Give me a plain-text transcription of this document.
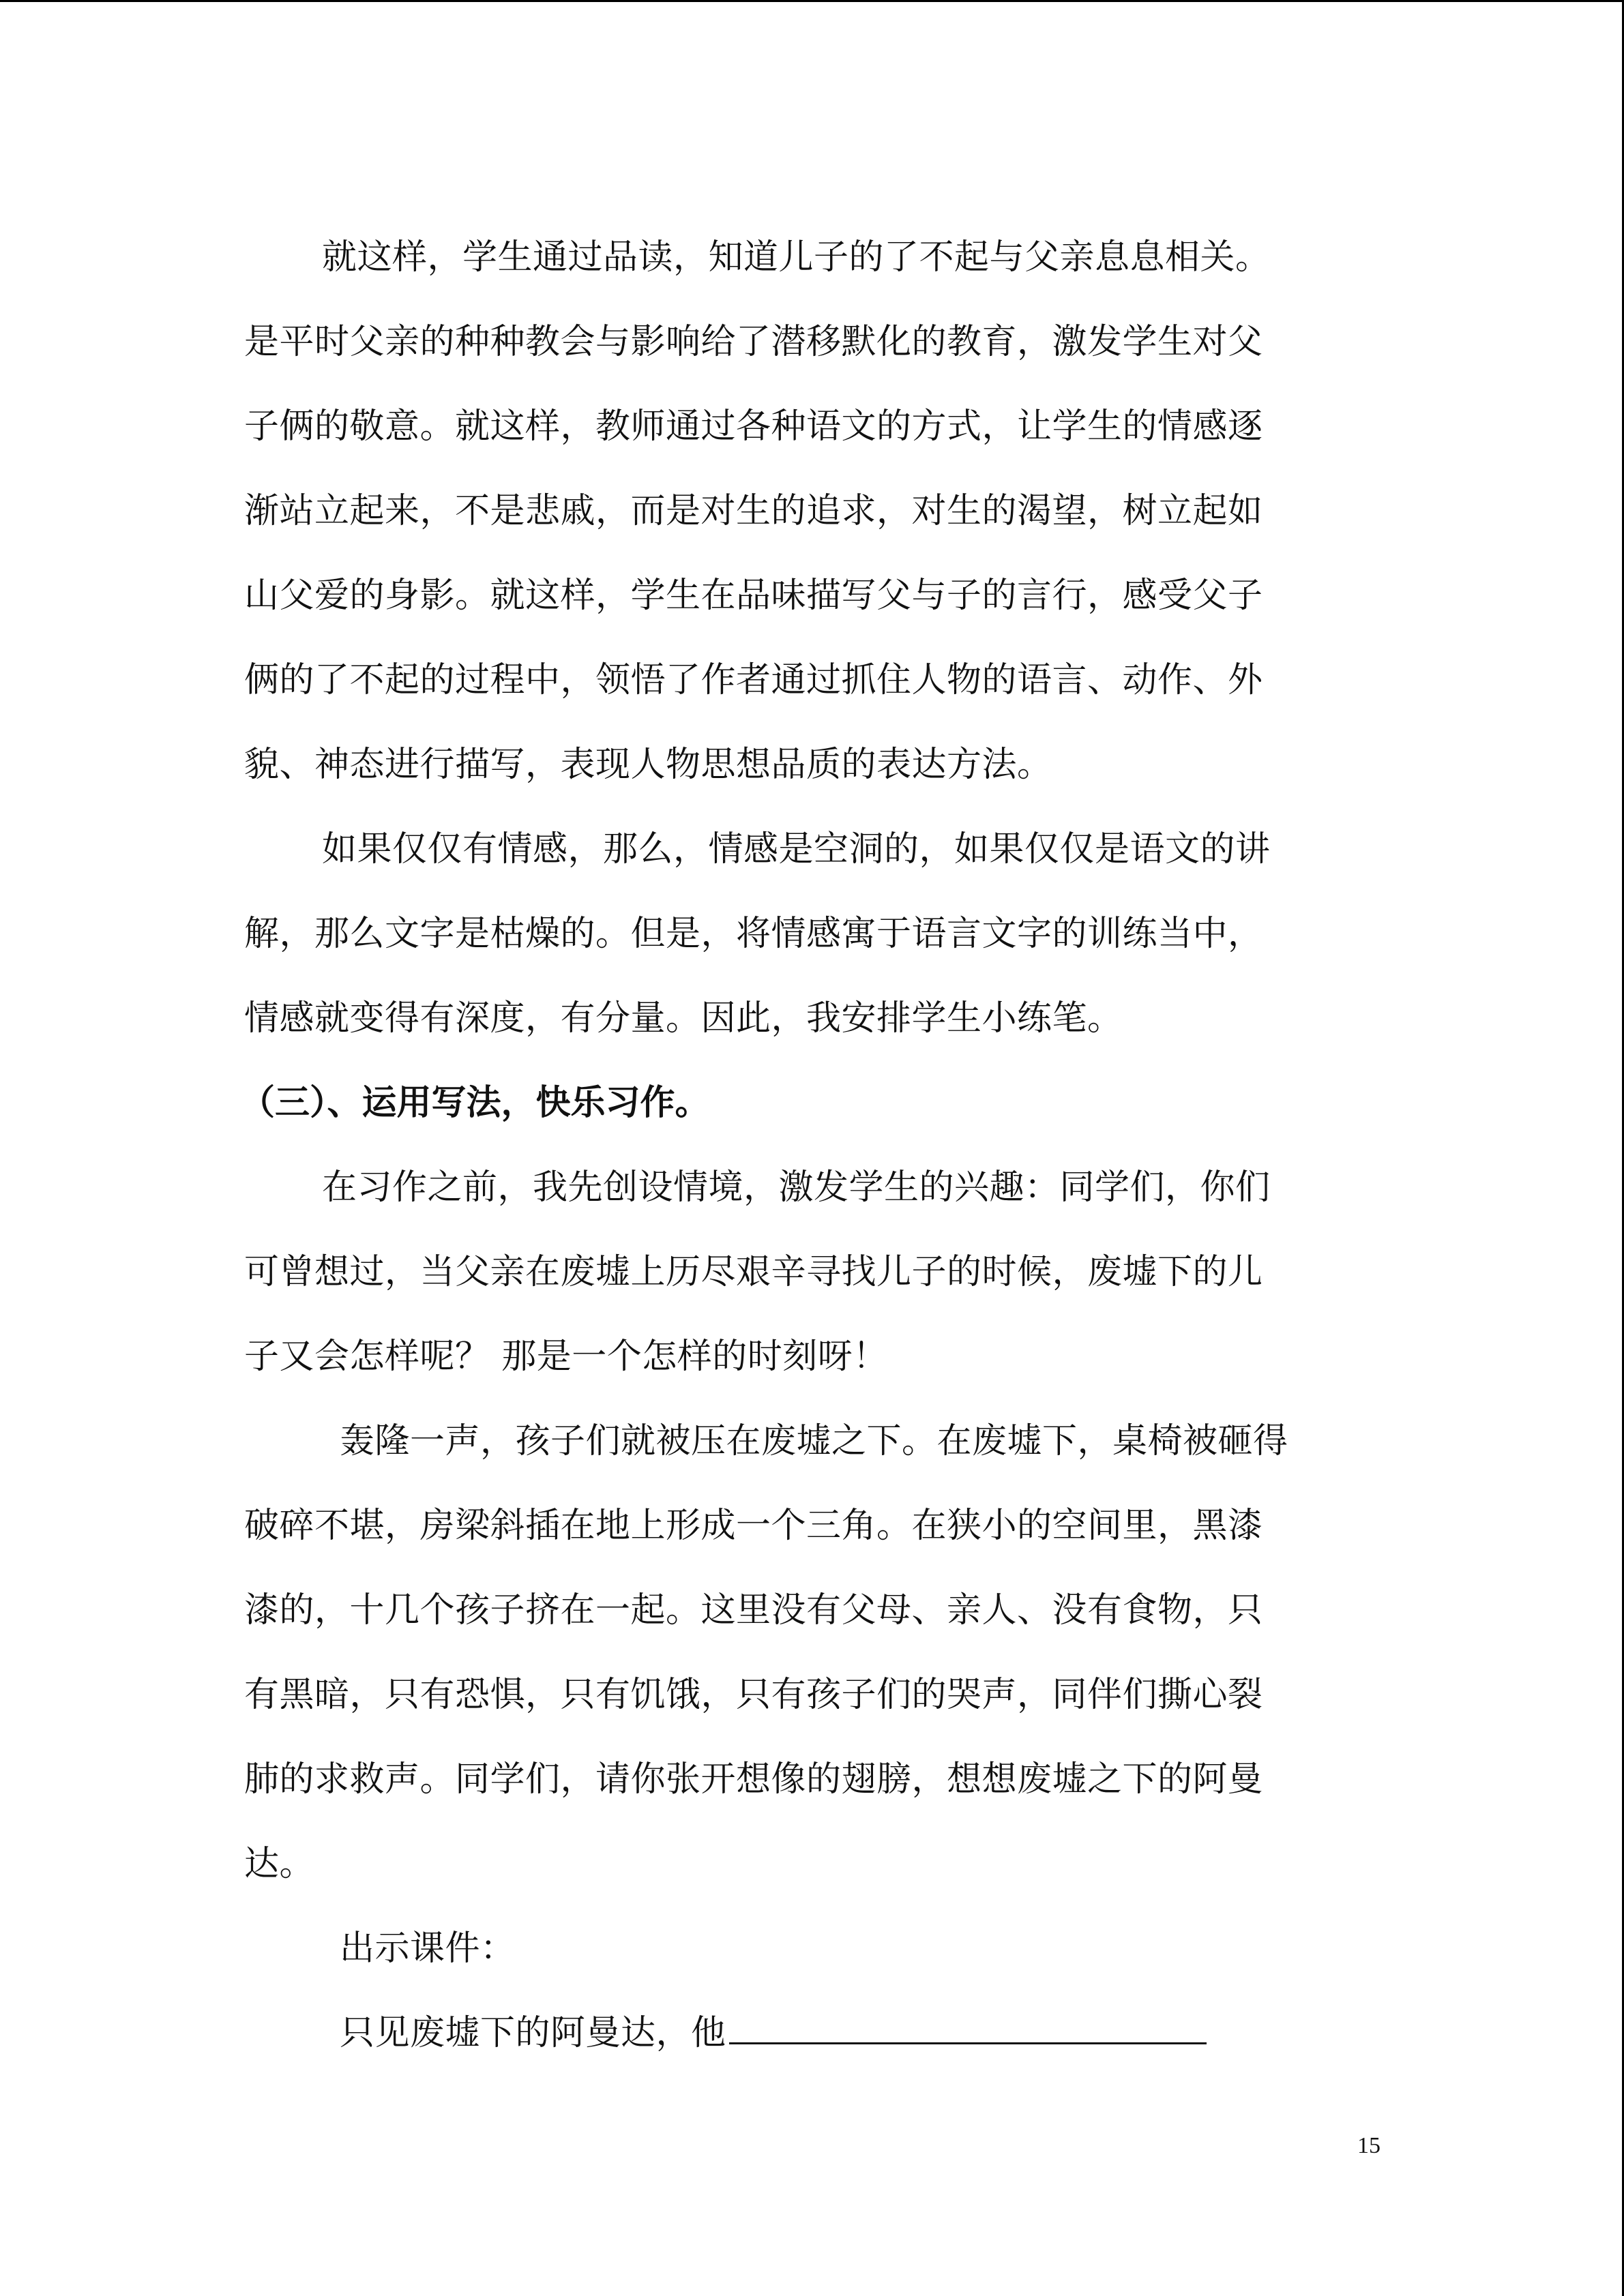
就这样，学生通过品读，知道儿子的了不起与父亲息息相关。
是平时父亲的种种教会与影响给了潜移默化的教育，激发学生对父
子俩的敬意。就这样，教师通过各种语文的方式，让学生的情感逐
渐站立起来，不是悲戚，而是对生的追求，对生的渴望，树立起如
山父爱的身影。就这样，学生在品味描写父与子的言行，感受父子
俩的了不起的过程中，领悟了作者通过抓住人物的语言、动作、外
貌、神态进行描写，表现人物思想品质的表达方法。
如果仅仅有情感，那么，情感是空洞的，如果仅仅是语文的讲
解，那么文字是枯燥的。但是，将情感寓于语言文字的训练当中，
情感就变得有深度，有分量。因此，我安排学生小练笔。
（三）、运用写法，快乐习作。
在习作之前，我先创设情境，激发学生的兴趣：同学们，你们
可曾想过，当父亲在废墟上历尽艰辛寻找儿子的时候，废墟下的儿
子又会怎样呢？ 那是一个怎样的时刻呀！
轰隆一声，孩子们就被压在废墟之下。在废墟下，桌椅被砸得
破碎不堪，房梁斜插在地上形成一个三角。在狭小的空间里，黑漆
漆的，十几个孩子挤在一起。这里没有父母、亲人、没有食物，只
有黑暗，只有恐惧，只有饥饿，只有孩子们的哭声，同伴们撕心裂
肺的求救声。同学们，请你张开想像的翅膀，想想废墟之下的阿曼
达。
出示课件：
只见废墟下的阿曼达，他
15
